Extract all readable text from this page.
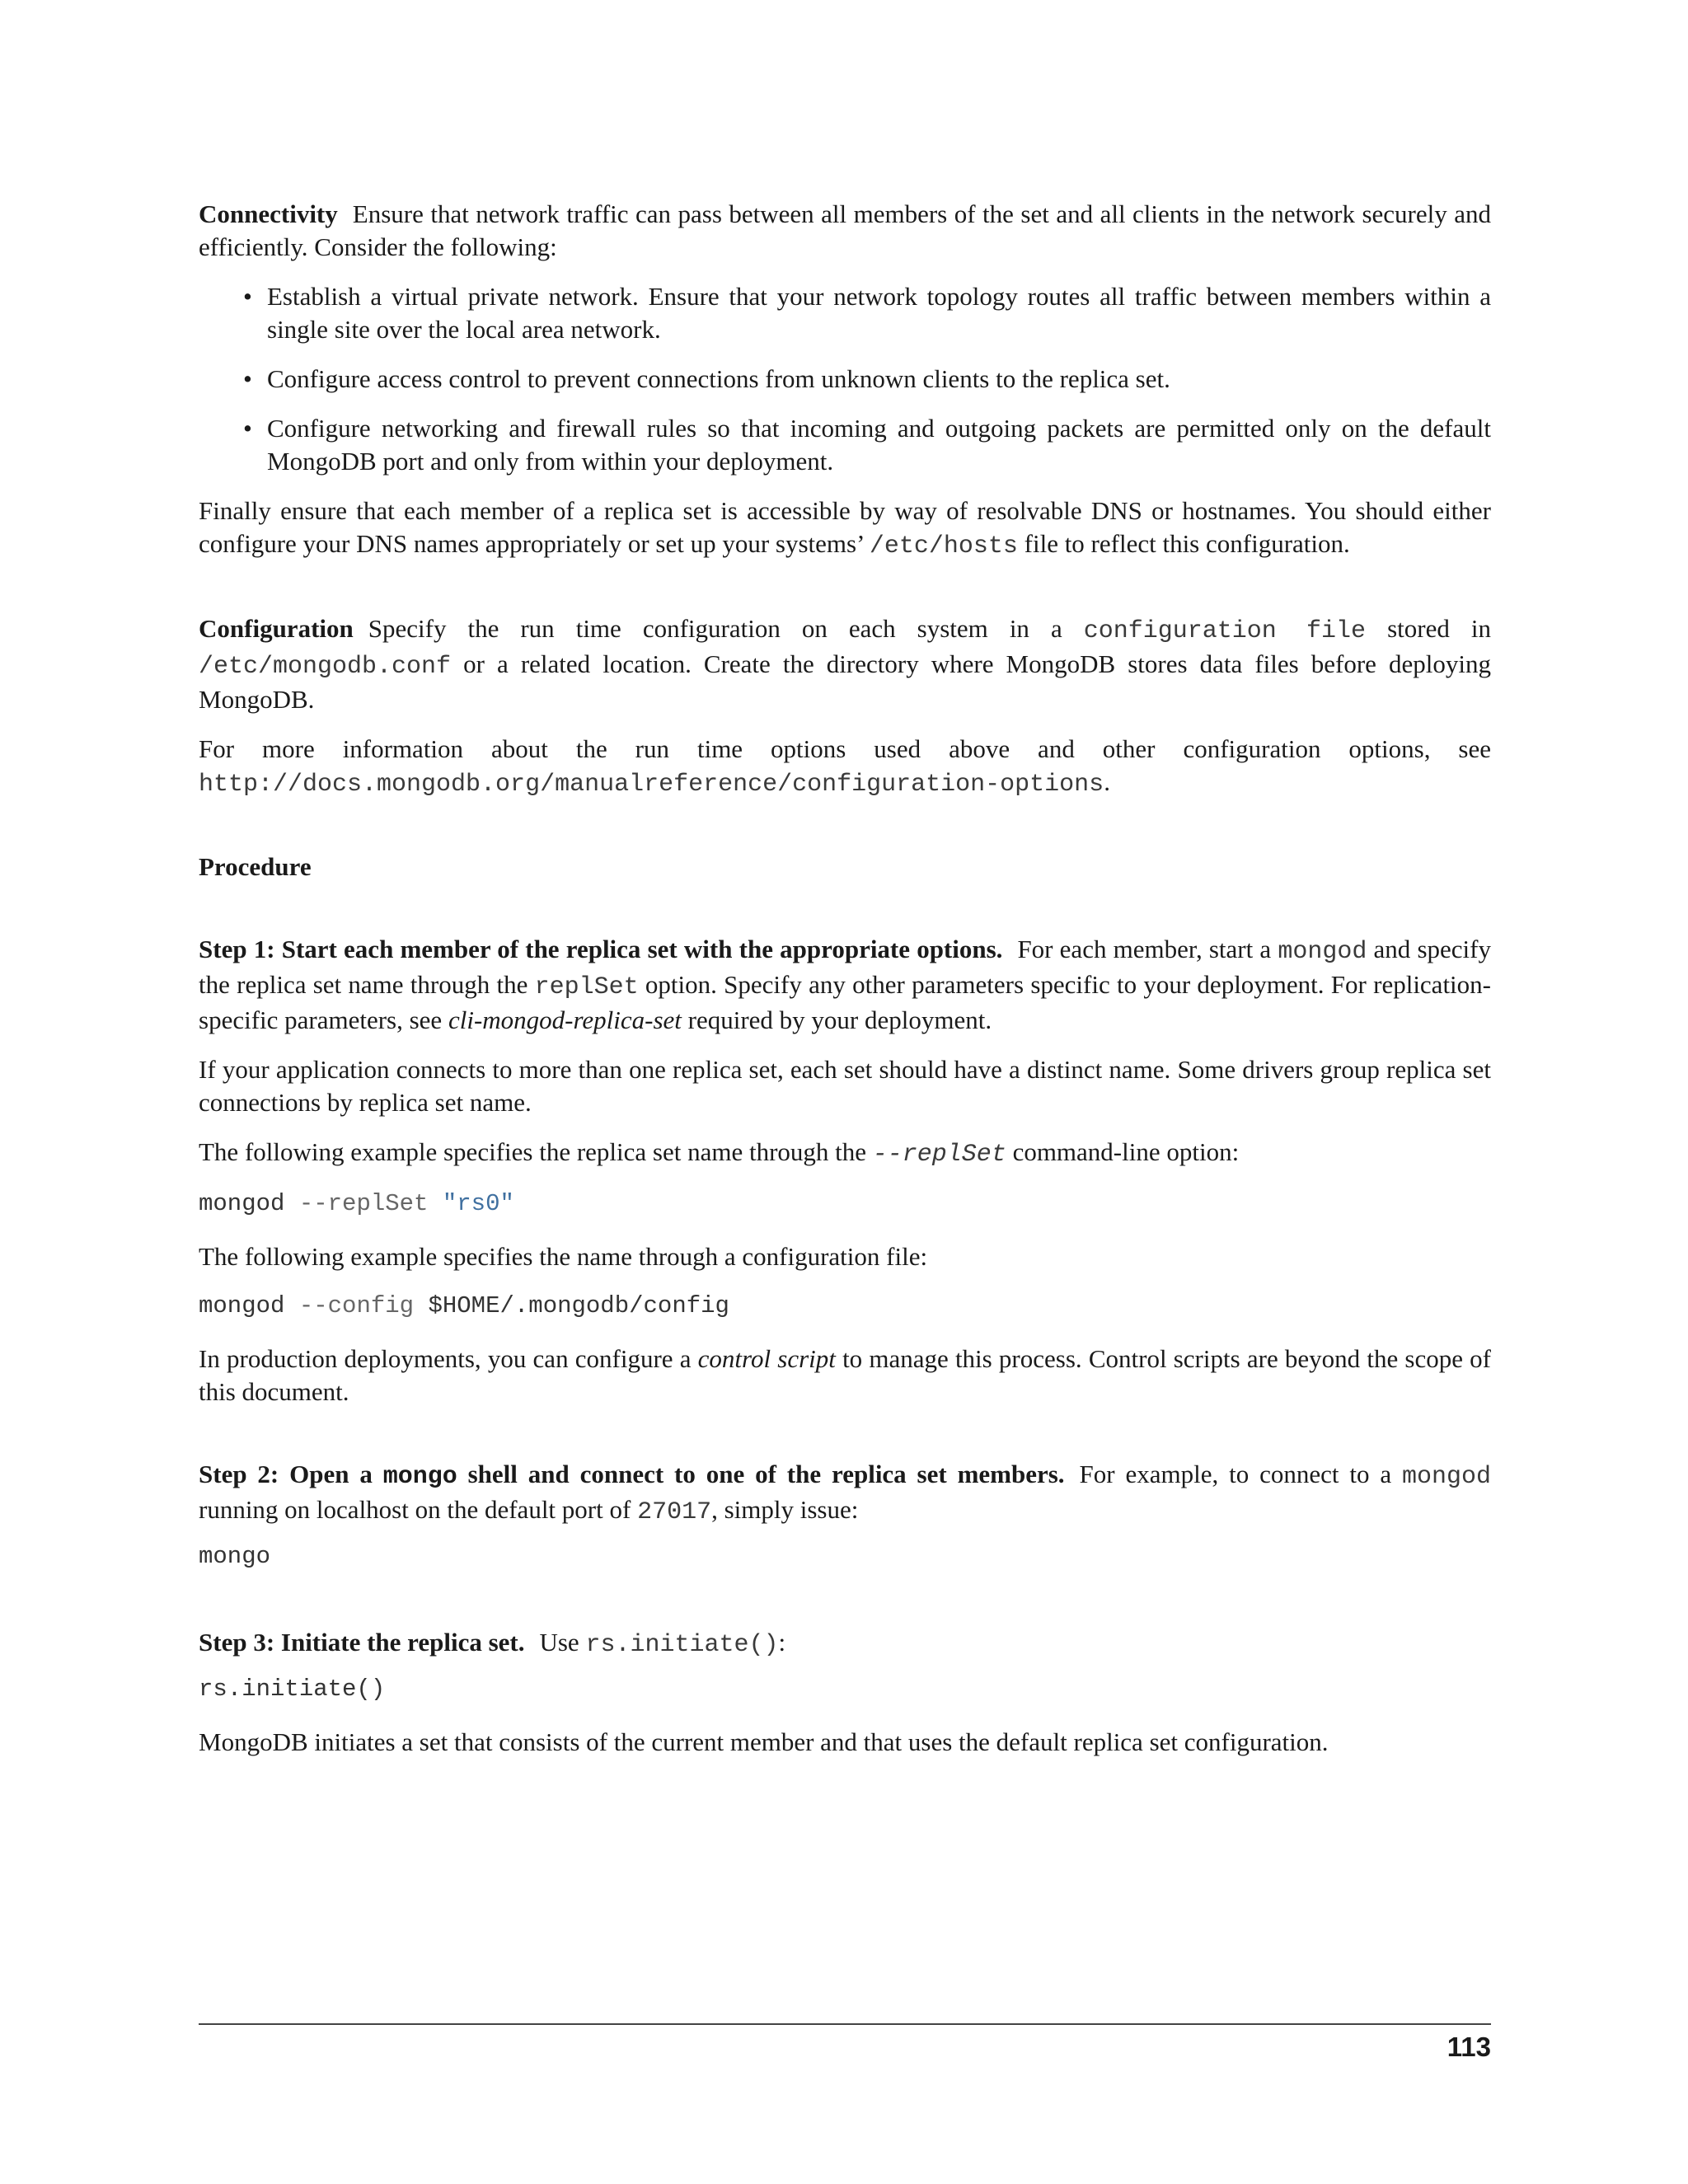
Connectivity Ensure that network traffic can pass between all members of the set and all clients in the network securely and efficiently. Consider the following:

• Establish a virtual private network. Ensure that your network topology routes all traffic between members within a single site over the local area network.
• Configure access control to prevent connections from unknown clients to the replica set.
• Configure networking and firewall rules so that incoming and outgoing packets are permitted only on the default MongoDB port and only from within your deployment.

Finally ensure that each member of a replica set is accessible by way of resolvable DNS or hostnames. You should either configure your DNS names appropriately or set up your systems’ /etc/hosts file to reflect this configuration.

Configuration Specify the run time configuration on each system in a configuration file stored in /etc/mongodb.conf or a related location. Create the directory where MongoDB stores data files before deploying MongoDB.

For more information about the run time options used above and other configuration options, see http://docs.mongodb.org/manualreference/configuration-options.

Procedure

Step 1: Start each member of the replica set with the appropriate options. For each member, start a mongod and specify the replica set name through the replSet option. Specify any other parameters specific to your deployment. For replication-specific parameters, see cli-mongod-replica-set required by your deployment.

If your application connects to more than one replica set, each set should have a distinct name. Some drivers group replica set connections by replica set name.

The following example specifies the replica set name through the --replSet command-line option:

mongod --replSet "rs0"

The following example specifies the name through a configuration file:

mongod --config $HOME/.mongodb/config

In production deployments, you can configure a control script to manage this process. Control scripts are beyond the scope of this document.

Step 2: Open a mongo shell and connect to one of the replica set members. For example, to connect to a mongod running on localhost on the default port of 27017, simply issue:

mongo

Step 3: Initiate the replica set. Use rs.initiate():

rs.initiate()

MongoDB initiates a set that consists of the current member and that uses the default replica set configuration.

113
